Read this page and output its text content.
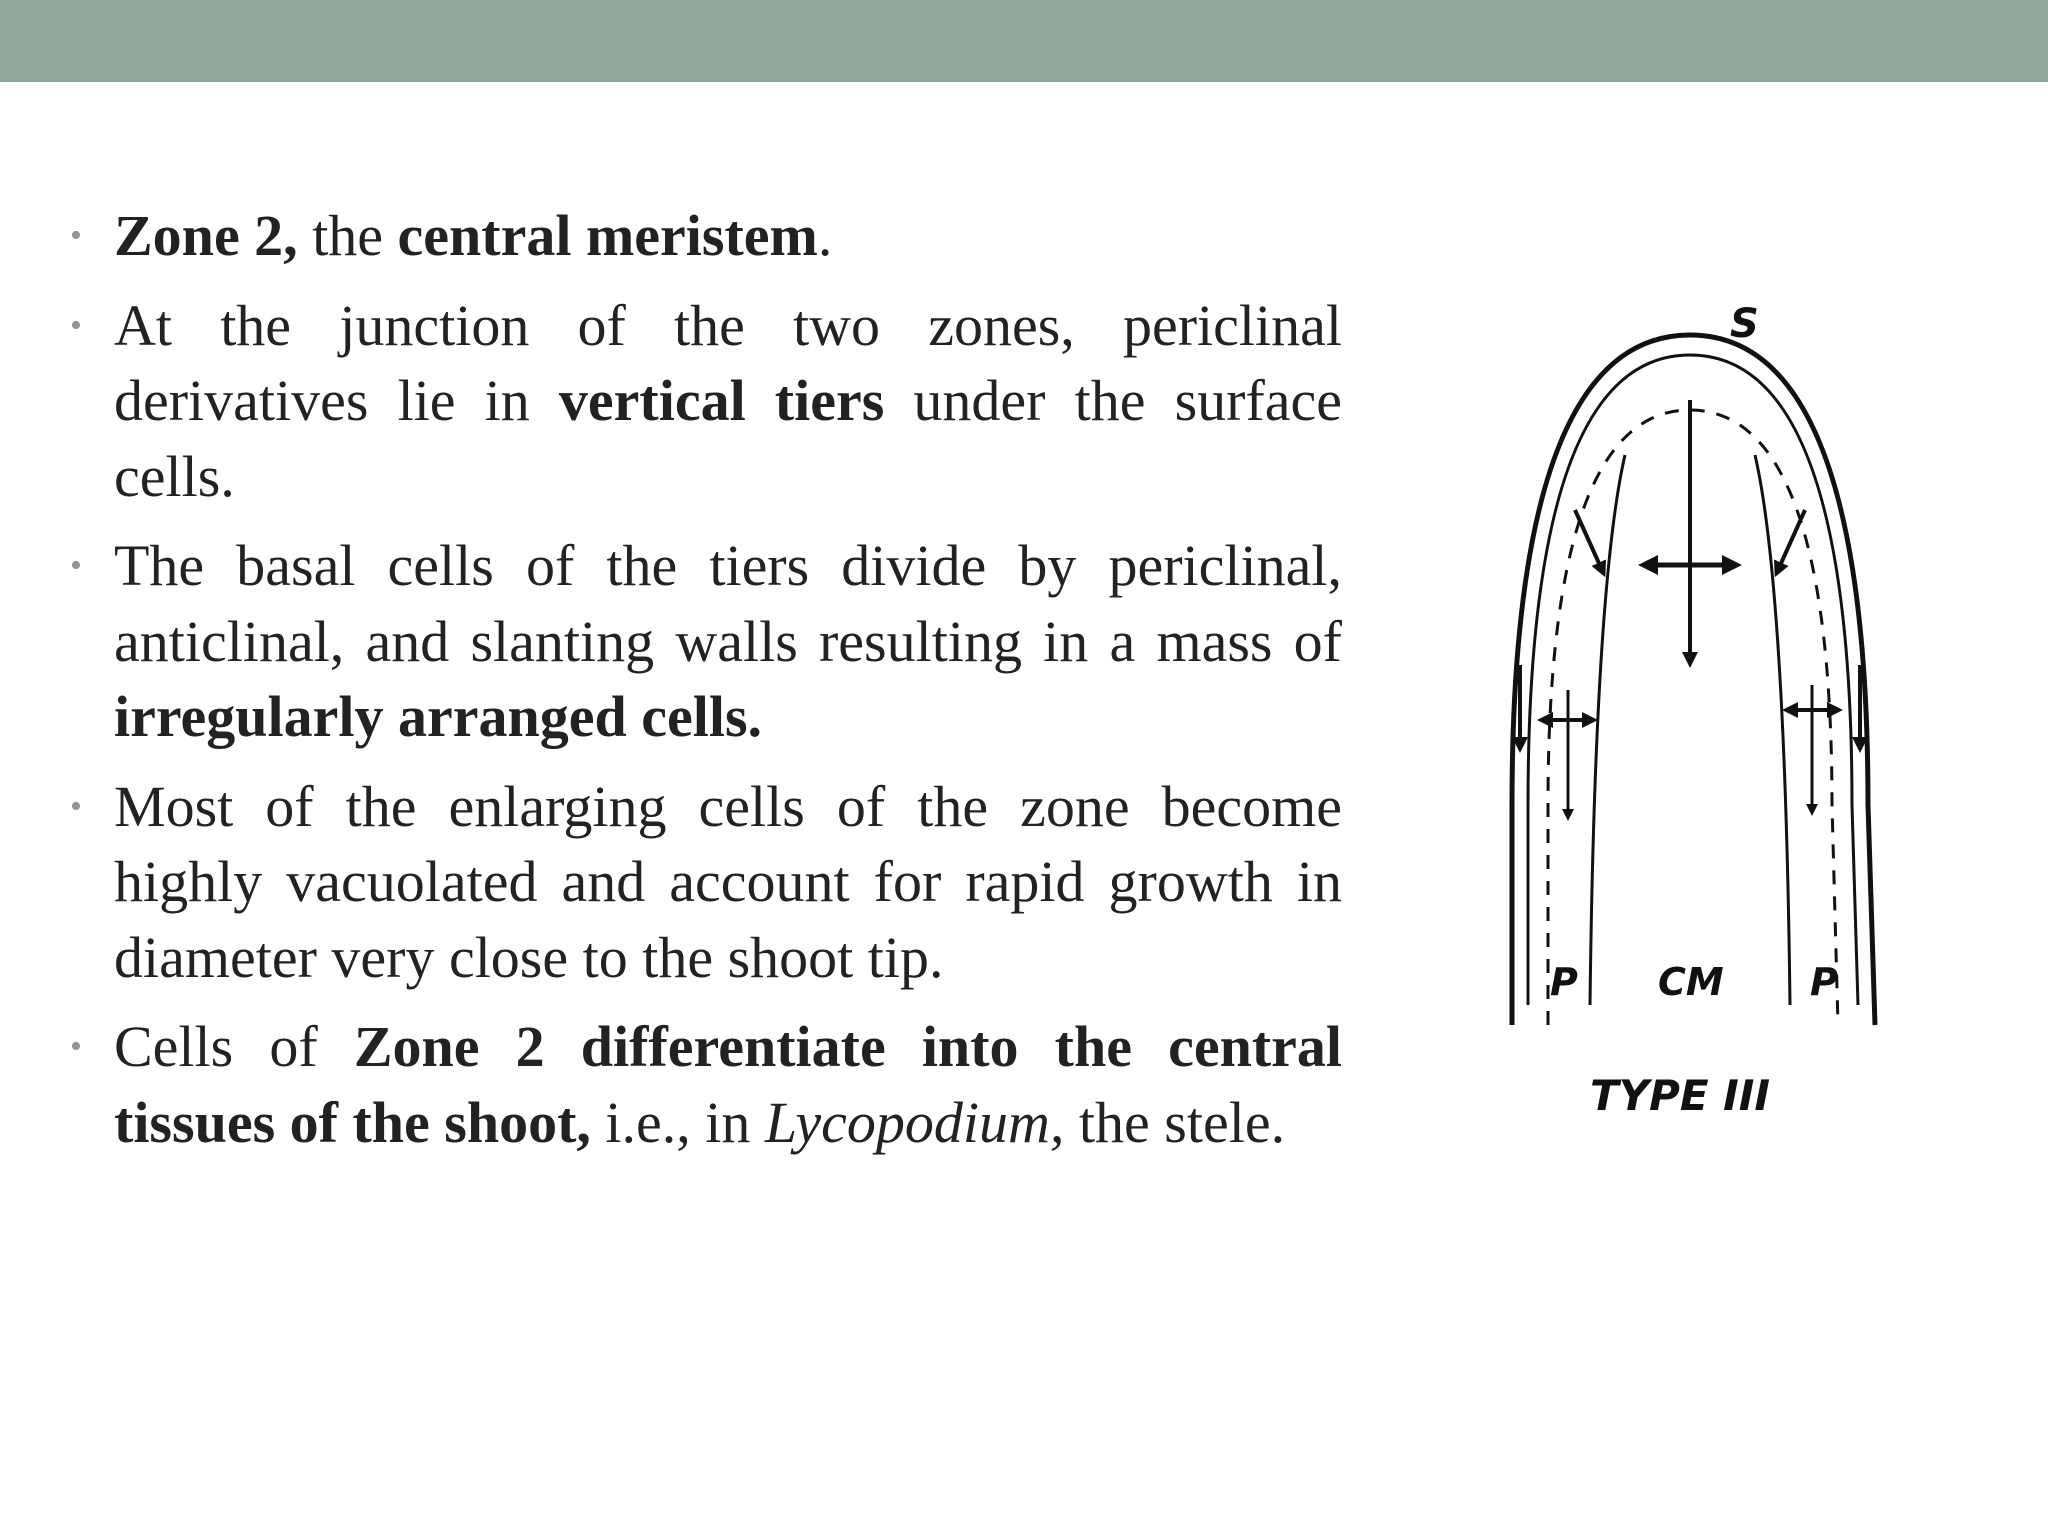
• Zone 2, the central meristem.
• At the junction of the two zones, periclinal derivatives lie in vertical tiers under the surface cells.
• The basal cells of the tiers divide by periclinal, anticlinal, and slanting walls resulting in a mass of irregularly arranged cells.
• Most of the enlarging cells of the zone become highly vacuolated and account for rapid growth in diameter very close to the shoot tip.
• Cells of Zone 2 differentiate into the central tissues of the shoot, i.e., in Lycopodium, the stele.
S
P CM P
TYPE III
